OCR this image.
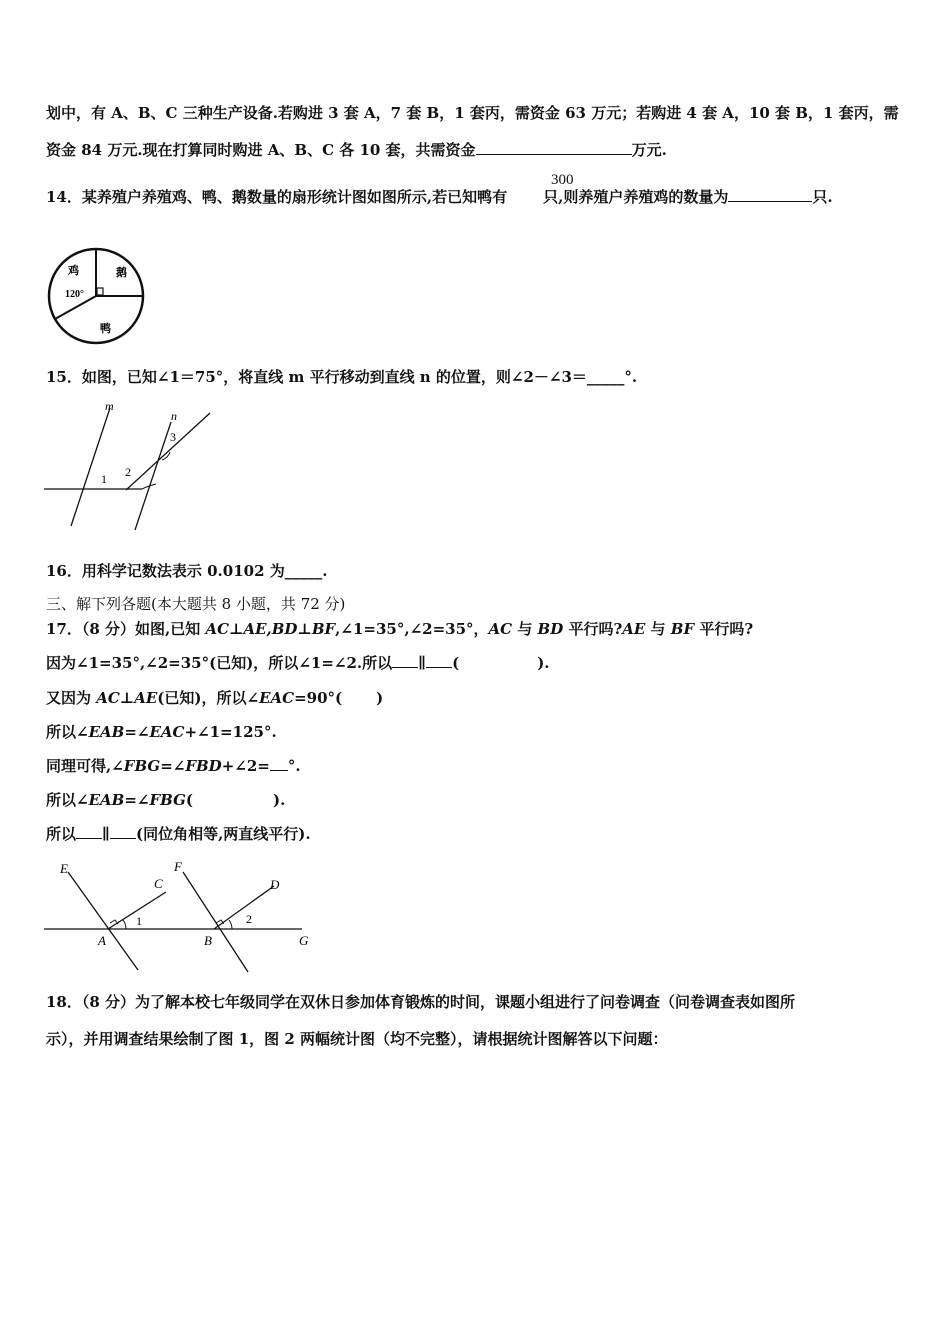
划中，有 A、B、C 三种生产设备.若购进 3 套 A，7 套 B，1 套丙，需资金 63 万元；若购进 4 套 A，10 套 B，1 套丙，需
资金 84 万元.现在打算同时购进 A、B、C 各 10 套，共需资金	万元.
14．某养殖户养殖鸡、鸭、鹅数量的扇形统计图如图所示,若已知鸭有 只,则养殖户养殖鸡的数量为	只.
300
鸡	鹅
鸭
120°
15．如图，已知∠1＝75°，将直线 m 平行移动到直线 n 的位置，则∠2－∠3＝_____°.
m
n
1 2
3
16．用科学记数法表示 0.0102 为_____.
三、解下列各题(本大题共 8 小题，共 72 分)
17．（8 分）如图,已知 AC⊥AE,BD⊥BF,∠1=35°,∠2=35°，AC 与 BD 平行吗?AE 与 BF 平行吗?
因为∠1=35°,∠2=35°(已知)，所以∠1=∠2.所以 ∥ (	).
又因为 AC⊥AE(已知)，所以∠EAC=90°( )
所以∠EAB=∠EAC+∠1=125°.
同理可得,∠FBG=∠FBD+∠2= °.
所以∠EAB=∠FBG(	).
所以 ∥ (同位角相等,两直线平行).
E
C
A
1
F
D
B
2
G
18．（8 分）为了解本校七年级同学在双休日参加体育锻炼的时间，课题小组进行了问卷调查（问卷调查表如图所
示），并用调查结果绘制了图 1，图 2 两幅统计图（均不完整），请根据统计图解答以下问题：
